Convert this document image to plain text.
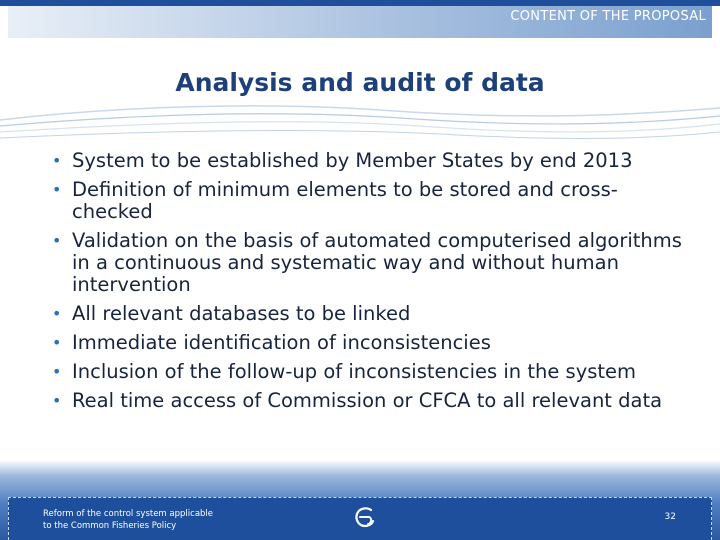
CONTENT OF THE PROPOSAL
Analysis and audit of data
• System to be established by Member States by end 2013
• Definition of minimum elements to be stored and cross-checked
• Validation on the basis of automated computerised algorithms in a continuous and systematic way and without human intervention
• All relevant databases to be linked
• Immediate identification of inconsistencies
• Inclusion of the follow-up of inconsistencies in the system
• Real time access of Commission or CFCA to all relevant data
Reform of the control system applicable
to the Common Fisheries Policy
32
